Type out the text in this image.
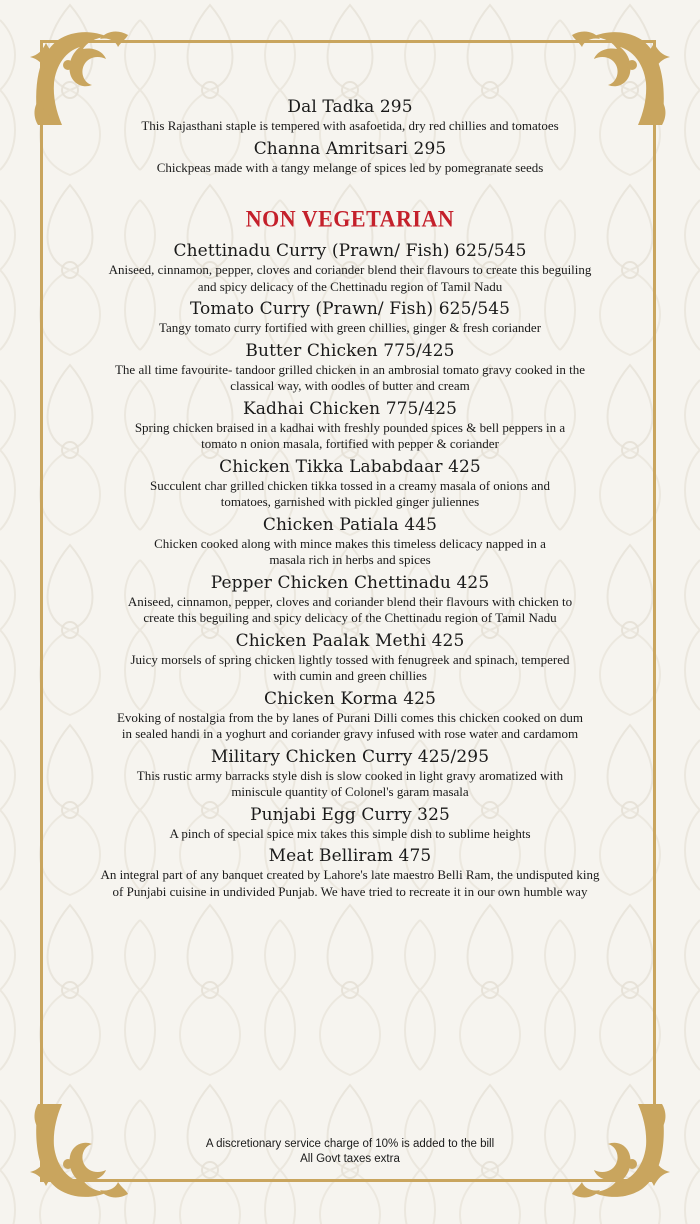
Dal Tadka 295

This Rajasthani staple is tempered with asafoetida, dry red chillies and tomatoes

Channa Amritsari 295

Chickpeas made with a tangy melange of spices led by pomegranate seeds

NON VEGETARIAN

Chettinadu Curry (Prawn/ Fish) 625/545

Aniseed, cinnamon, pepper, cloves and coriander blend their flavours to create this beguiling and spicy delicacy of the Chettinadu region of Tamil Nadu

Tomato Curry (Prawn/ Fish) 625/545

Tangy tomato curry fortified with green chillies, ginger & fresh coriander

Butter Chicken 775/425

The all time favourite- tandoor grilled chicken in an ambrosial tomato gravy cooked in the classical way, with oodles of butter and cream

Kadhai Chicken 775/425

Spring chicken braised in a kadhai with freshly pounded spices & bell peppers in a tomato n onion masala, fortified with pepper & coriander

Chicken Tikka Lababdaar 425

Succulent char grilled chicken tikka tossed in a creamy masala of onions and tomatoes, garnished with pickled ginger juliennes

Chicken Patiala 445

Chicken cooked along with mince makes this timeless delicacy napped in a masala rich in herbs and spices

Pepper Chicken Chettinadu 425

Aniseed, cinnamon, pepper, cloves and coriander blend their flavours with chicken to create this beguiling and spicy delicacy of the Chettinadu region of Tamil Nadu

Chicken Paalak Methi 425

Juicy morsels of spring chicken lightly tossed with fenugreek and spinach, tempered with cumin and green chillies

Chicken Korma 425

Evoking of nostalgia from the by lanes of Purani Dilli comes this chicken cooked on dum in sealed handi in a yoghurt and coriander gravy infused with rose water and cardamom

Military Chicken Curry 425/295

This rustic army barracks style dish is slow cooked in light gravy aromatized with miniscule quantity of Colonel's garam masala

Punjabi Egg Curry 325

A pinch of special spice mix takes this simple dish to sublime heights

Meat Belliram 475

An integral part of any banquet created by Lahore's late maestro Belli Ram, the undisputed king of Punjabi cuisine in undivided Punjab. We have tried to recreate it in our own humble way

A discretionary service charge of 10% is added to the bill
All Govt taxes extra
